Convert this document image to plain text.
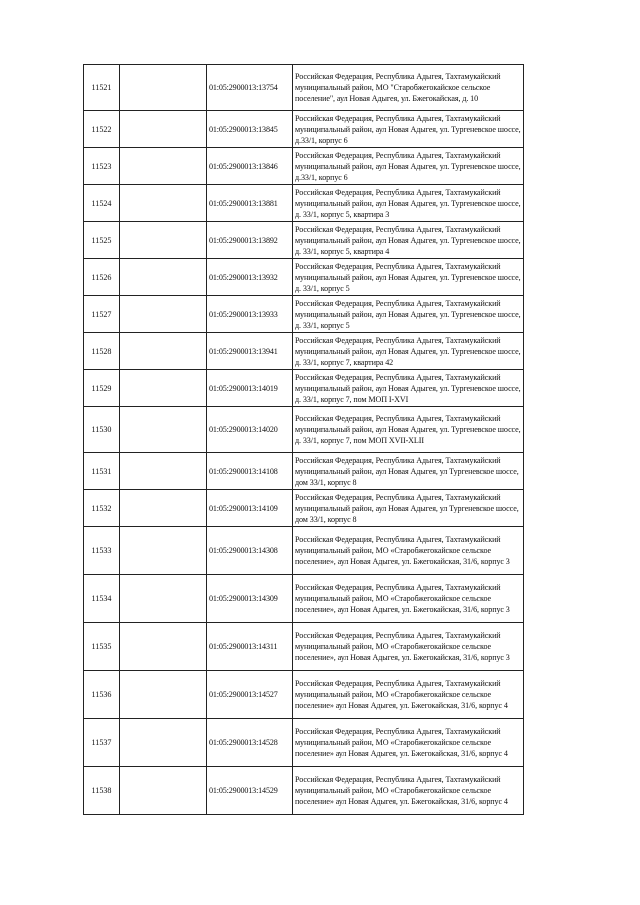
11521		01:05:2900013:13754	Российская Федерация, Республика Адыгея, Тахтамукайский муниципальный район, МО "Старобжегокайское сельское поселение", аул Новая Адыгея, ул. Бжегокайская, д. 10
11522		01:05:2900013:13845	Российская Федерация, Республика Адыгея, Тахтамукайский муниципальный район, аул Новая Адыгея, ул. Тургеневское шоссе, д.33/1, корпус 6
11523		01:05:2900013:13846	Российская Федерация, Республика Адыгея, Тахтамукайский муниципальный район, аул Новая Адыгея, ул. Тургеневское шоссе, д.33/1, корпус 6
11524		01:05:2900013:13881	Российская Федерация, Республика Адыгея, Тахтамукайский муниципальный район, аул Новая Адыгея, ул. Тургеневское шоссе, д. 33/1, корпус 5, квартира 3
11525		01:05:2900013:13892	Российская Федерация, Республика Адыгея, Тахтамукайский муниципальный район, аул Новая Адыгея, ул. Тургеневское шоссе, д. 33/1, корпус 5, квартира 4
11526		01:05:2900013:13932	Российская Федерация, Республика Адыгея, Тахтамукайский муниципальный район, аул Новая Адыгея, ул. Тургеневское шоссе, д. 33/1, корпус 5
11527		01:05:2900013:13933	Российская Федерация, Республика Адыгея, Тахтамукайский муниципальный район, аул Новая Адыгея, ул. Тургеневское шоссе, д. 33/1, корпус 5
11528		01:05:2900013:13941	Российская Федерация, Республика Адыгея, Тахтамукайский муниципальный район, аул Новая Адыгея, ул. Тургеневское шоссе, д. 33/1, корпус 7, квартира 42
11529		01:05:2900013:14019	Российская Федерация, Республика Адыгея, Тахтамукайский муниципальный район, аул Новая Адыгея, ул. Тургеневское шоссе, д. 33/1, корпус 7, пом МОП I-XVI
11530		01:05:2900013:14020	Российская Федерация, Республика Адыгея, Тахтамукайский муниципальный район, аул Новая Адыгея, ул. Тургеневское шоссе, д. 33/1, корпус 7, пом МОП XVII-XLII
11531		01:05:2900013:14108	Российская Федерация, Республика Адыгея, Тахтамукайский муниципальный район, аул Новая Адыгея, ул Тургеневское шоссе, дом 33/1, корпус 8
11532		01:05:2900013:14109	Российская Федерация, Республика Адыгея, Тахтамукайский муниципальный район, аул Новая Адыгея, ул Тургеневское шоссе, дом 33/1, корпус 8
11533		01:05:2900013:14308	Российская Федерация, Республика Адыгея, Тахтамукайский муниципальный район, МО «Старобжегокайское сельское поселение», аул Новая Адыгея, ул. Бжегокайская, 31/6, корпус 3
11534		01:05:2900013:14309	Российская Федерация, Республика Адыгея, Тахтамукайский муниципальный район, МО «Старобжегокайское сельское поселение», аул Новая Адыгея, ул. Бжегокайская, 31/6, корпус 3
11535		01:05:2900013:14311	Российская Федерация, Республика Адыгея, Тахтамукайский муниципальный район, МО «Старобжегокайское сельское поселение», аул Новая Адыгея, ул. Бжегокайская, 31/6, корпус 3
11536		01:05:2900013:14527	Российская Федерация, Республика Адыгея, Тахтамукайский муниципальный район, МО «Старобжегокайское сельское поселение» аул Новая Адыгея, ул. Бжегокайская, 31/6, корпус 4
11537		01:05:2900013:14528	Российская Федерация, Республика Адыгея, Тахтамукайский муниципальный район, МО «Старобжегокайское сельское поселение» аул Новая Адыгея, ул. Бжегокайская, 31/6, корпус 4
11538		01:05:2900013:14529	Российская Федерация, Республика Адыгея, Тахтамукайский муниципальный район, МО «Старобжегокайское сельское поселение» аул Новая Адыгея, ул. Бжегокайская, 31/6, корпус 4
